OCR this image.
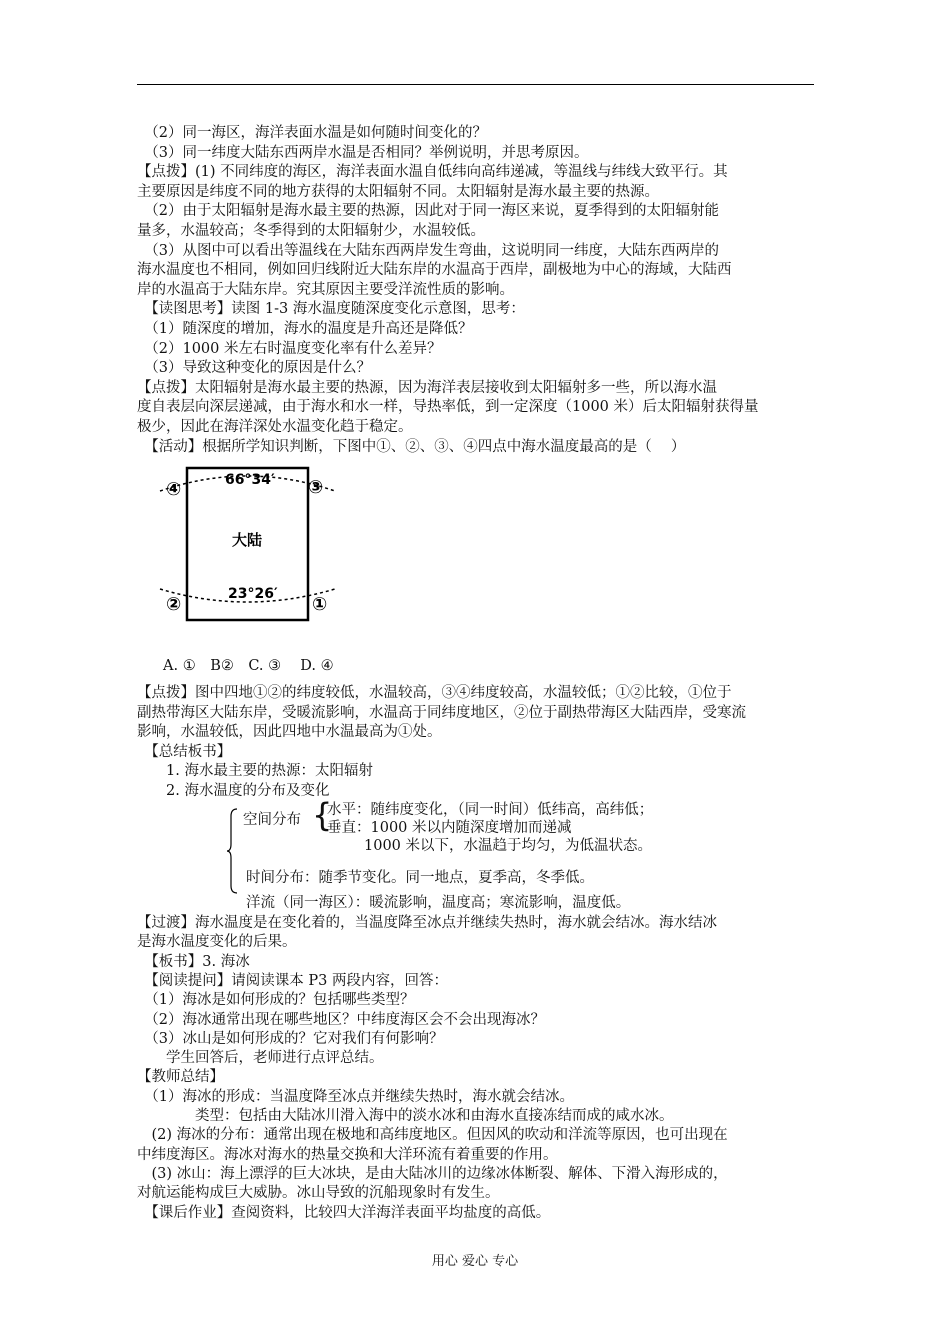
　（2）同一海区，海洋表面水温是如何随时间变化的？
　（3）同一纬度大陆东西两岸水温是否相同？举例说明，并思考原因。
【点拨】(1) 不同纬度的海区，海洋表面水温自低纬向高纬递减，等温线与纬线大致平行。其
主要原因是纬度不同的地方获得的太阳辐射不同。太阳辐射是海水最主要的热源。
　（2）由于太阳辐射是海水最主要的热源，因此对于同一海区来说，夏季得到的太阳辐射能
量多，水温较高；冬季得到的太阳辐射少，水温较低。
　（3）从图中可以看出等温线在大陆东西两岸发生弯曲，这说明同一纬度，大陆东西两岸的
海水温度也不相同，例如回归线附近大陆东岸的水温高于西岸，副极地为中心的海域，大陆西
岸的水温高于大陆东岸。究其原因主要受洋流性质的影响。
　【读图思考】读图 1-3 海水温度随深度变化示意图，思考：
　（1）随深度的增加，海水的温度是升高还是降低？
　（2）1000 米左右时温度变化率有什么差异？
　（3）导致这种变化的原因是什么？
【点拨】太阳辐射是海水最主要的热源，因为海洋表层接收到太阳辐射多一些，所以海水温
度自表层向深层递减，由于海水和水一样，导热率低，到一定深度（1000 米）后太阳辐射获得量
极少，因此在海洋深处水温变化趋于稳定。
　【活动】根据所学知识判断，下图中①、②、③、④四点中海水温度最高的是（　 ）
66°34′
23°26′
大陆
④	③
②	①
A. ①　B②　C. ③　 D. ④
【点拨】图中四地①②的纬度较低，水温较高，③④纬度较高，水温较低；①②比较，①位于
副热带海区大陆东岸，受暖流影响，水温高于同纬度地区，②位于副热带海区大陆西岸，受寒流
影响，水温较低，因此四地中水温最高为①处。
　【总结板书】
　　1. 海水最主要的热源：太阳辐射
　　2. 海水温度的分布及变化
空间分布 {
水平：随纬度变化，（同一时间）低纬高，高纬低；
垂直：1000 米以内随深度增加而递减
1000 米以下，水温趋于均匀，为低温状态。
时间分布：随季节变化。同一地点，夏季高，冬季低。
洋流（同一海区）：暖流影响，温度高；寒流影响，温度低。
【过渡】海水温度是在变化着的，当温度降至冰点并继续失热时，海水就会结冰。海水结冰
是海水温度变化的后果。
　【板书】3. 海冰
　【阅读提问】请阅读课本 P3 两段内容，回答：
　（1）海冰是如何形成的？包括哪些类型？
　（2）海冰通常出现在哪些地区？中纬度海区会不会出现海冰？
　（3）冰山是如何形成的？它对我们有何影响？
　　学生回答后，老师进行点评总结。
【教师总结】
　（1）海冰的形成：当温度降至冰点并继续失热时，海水就会结冰。
　　　　类型：包括由大陆冰川滑入海中的淡水冰和由海水直接冻结而成的咸水冰。
　(2) 海冰的分布：通常出现在极地和高纬度地区。但因风的吹动和洋流等原因，也可出现在
中纬度海区。海冰对海水的热量交换和大洋环流有着重要的作用。
　(3) 冰山：海上漂浮的巨大冰块，是由大陆冰川的边缘冰体断裂、解体、下滑入海形成的，
对航运能构成巨大威胁。冰山导致的沉船现象时有发生。
　【课后作业】查阅资料，比较四大洋海洋表面平均盐度的高低。
用心 爱心 专心
